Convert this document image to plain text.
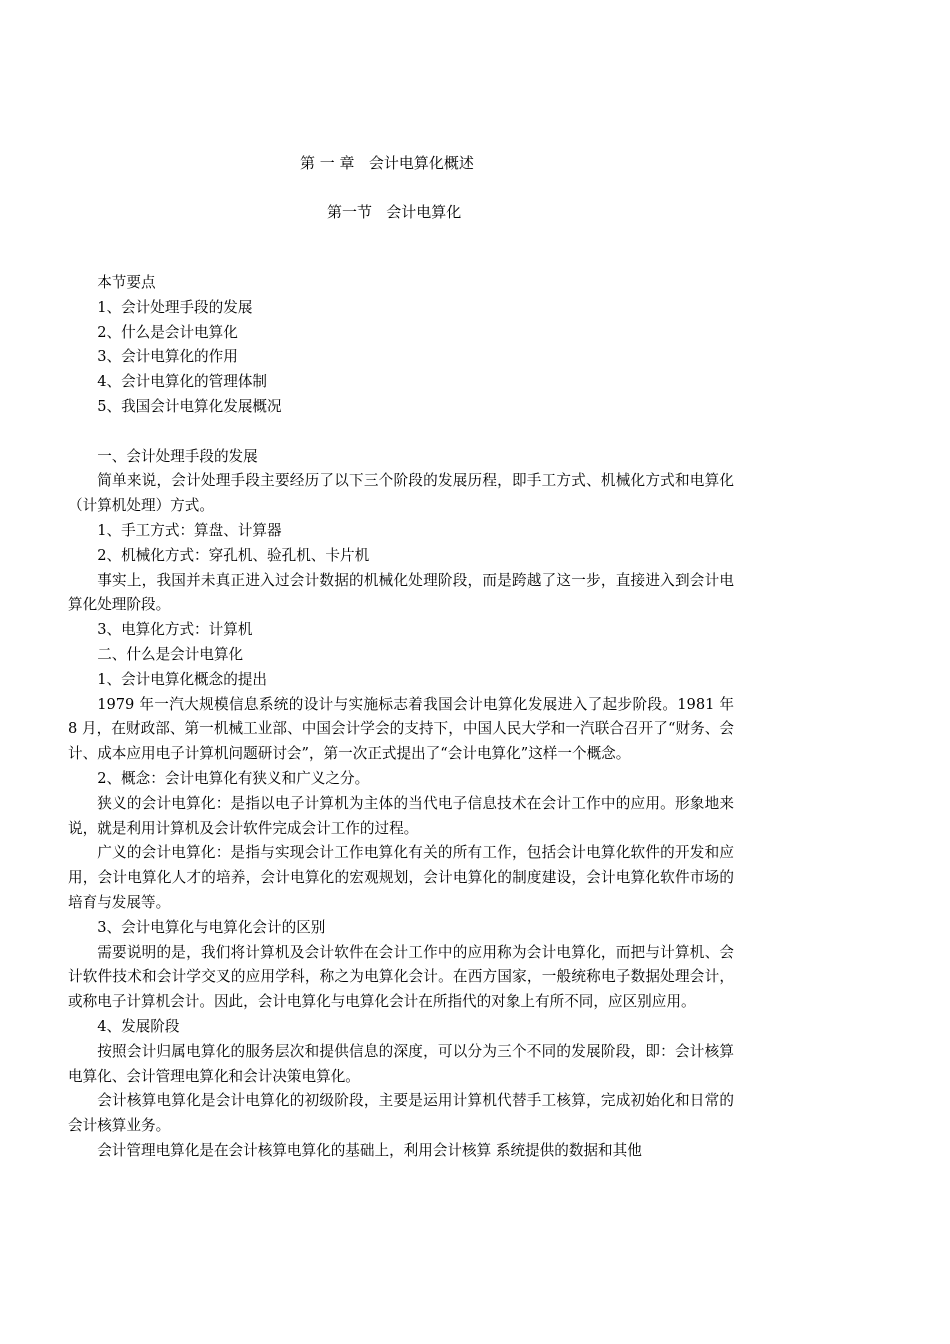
第 一 章   会计电算化概述
第一节   会计电算化

本节要点

1、会计处理手段的发展

2、什么是会计电算化

3、会计电算化的作用

4、会计电算化的管理体制

5、我国会计电算化发展概况

一、会计处理手段的发展

简单来说，会计处理手段主要经历了以下三个阶段的发展历程，即手工方式、机械化方式和电算化（计算机处理）方式。

1、手工方式：算盘、计算器

2、机械化方式：穿孔机、验孔机、卡片机

事实上，我国并未真正进入过会计数据的机械化处理阶段，而是跨越了这一步，直接进入到会计电算化处理阶段。

3、电算化方式：计算机

二、什么是会计电算化

1、会计电算化概念的提出

1979 年一汽大规模信息系统的设计与实施标志着我国会计电算化发展进入了起步阶段。1981 年 8 月，在财政部、第一机械工业部、中国会计学会的支持下，中国人民大学和一汽联合召开了“财务、会计、成本应用电子计算机问题研讨会”，第一次正式提出了“会计电算化”这样一个概念。

2、概念：会计电算化有狭义和广义之分。

狭义的会计电算化：是指以电子计算机为主体的当代电子信息技术在会计工作中的应用。形象地来说，就是利用计算机及会计软件完成会计工作的过程。

广义的会计电算化：是指与实现会计工作电算化有关的所有工作，包括会计电算化软件的开发和应用，会计电算化人才的培养，会计电算化的宏观规划，会计电算化的制度建设，会计电算化软件市场的培育与发展等。

3、会计电算化与电算化会计的区别

需要说明的是，我们将计算机及会计软件在会计工作中的应用称为会计电算化，而把与计算机、会计软件技术和会计学交叉的应用学科，称之为电算化会计。在西方国家，一般统称电子数据处理会计，或称电子计算机会计。因此，会计电算化与电算化会计在所指代的对象上有所不同，应区别应用。

4、发展阶段

按照会计归属电算化的服务层次和提供信息的深度，可以分为三个不同的发展阶段，即：会计核算电算化、会计管理电算化和会计决策电算化。

会计核算电算化是会计电算化的初级阶段，主要是运用计算机代替手工核算，完成初始化和日常的会计核算业务。

会计管理电算化是在会计核算电算化的基础上，利用会计核算 系统提供的数据和其他
